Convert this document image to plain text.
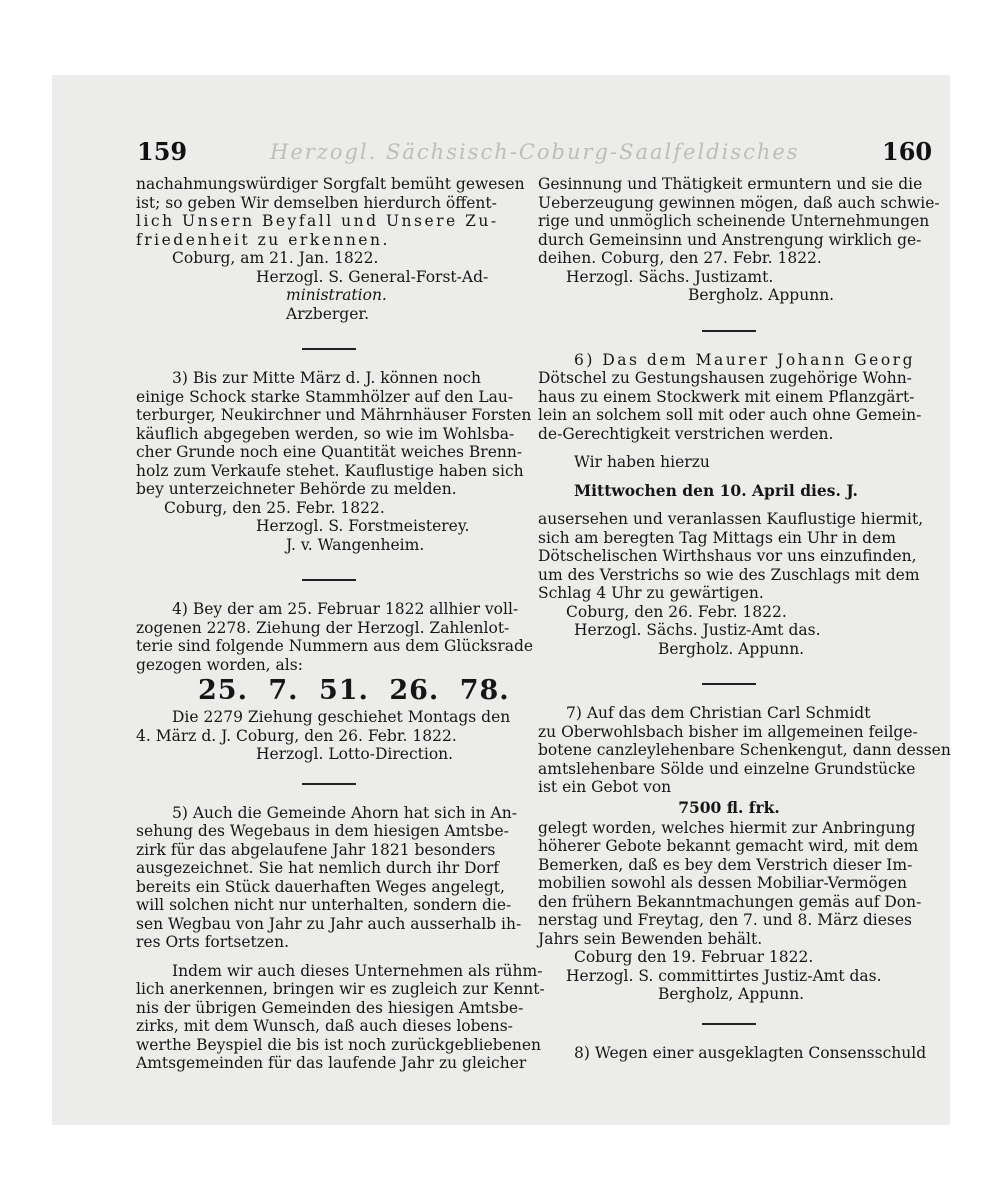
Herzogl. Sächsisch-Coburg-Saalfeldisches
159	160
nachahmungswürdiger Sorgfalt bemüht gewesen
ist; so geben Wir demselben hierdurch öffent-
lich Unsern Beyfall und Unsere Zu-
friedenheit zu erkennen.
Coburg, am 21. Jan. 1822.
Herzogl. S. General-Forst-Ad-
ministration.
Arzberger.
3) Bis zur Mitte März d. J. können noch
einige Schock starke Stammhölzer auf den Lau-
terburger, Neukirchner und Mährnhäuser Forsten
käuflich abgegeben werden, so wie im Wohlsba-
cher Grunde noch eine Quantität weiches Brenn-
holz zum Verkaufe stehet. Kauflustige haben sich
bey unterzeichneter Behörde zu melden.
Coburg, den 25. Febr. 1822.
Herzogl. S. Forstmeisterey.
J. v. Wangenheim.
4) Bey der am 25. Februar 1822 allhier voll-
zogenen 2278. Ziehung der Herzogl. Zahlenlot-
terie sind folgende Nummern aus dem Glücksrade
gezogen worden, als:
25. 7. 51. 26. 78.
Die 2279 Ziehung geschiehet Montags den
4. März d. J. Coburg, den 26. Febr. 1822.
Herzogl. Lotto-Direction.
5) Auch die Gemeinde Ahorn hat sich in An-
sehung des Wegebaus in dem hiesigen Amtsbe-
zirk für das abgelaufene Jahr 1821 besonders
ausgezeichnet. Sie hat nemlich durch ihr Dorf
bereits ein Stück dauerhaften Weges angelegt,
will solchen nicht nur unterhalten, sondern die-
sen Wegbau von Jahr zu Jahr auch ausserhalb ih-
res Orts fortsetzen.
Indem wir auch dieses Unternehmen als rühm-
lich anerkennen, bringen wir es zugleich zur Kennt-
nis der übrigen Gemeinden des hiesigen Amtsbe-
zirks, mit dem Wunsch, daß auch dieses lobens-
werthe Beyspiel die bis ist noch zurückgebliebenen
Amtsgemeinden für das laufende Jahr zu gleicher
Gesinnung und Thätigkeit ermuntern und sie die
Ueberzeugung gewinnen mögen, daß auch schwie-
rige und unmöglich scheinende Unternehmungen
durch Gemeinsinn und Anstrengung wirklich ge-
deihen. Coburg, den 27. Febr. 1822.
Herzogl. Sächs. Justizamt.
Bergholz. Appunn.
6) Das dem Maurer Johann Georg
Dötschel zu Gestungshausen zugehörige Wohn-
haus zu einem Stockwerk mit einem Pflanzgärt-
lein an solchem soll mit oder auch ohne Gemein-
de-Gerechtigkeit verstrichen werden.
Wir haben hierzu
Mittwochen den 10. April dies. J.
ausersehen und veranlassen Kauflustige hiermit,
sich am beregten Tag Mittags ein Uhr in dem
Dötschelischen Wirthshaus vor uns einzufinden,
um des Verstrichs so wie des Zuschlags mit dem
Schlag 4 Uhr zu gewärtigen.
Coburg, den 26. Febr. 1822.
Herzogl. Sächs. Justiz-Amt das.
Bergholz. Appunn.
7) Auf das dem Christian Carl Schmidt
zu Oberwohlsbach bisher im allgemeinen feilge-
botene canzleylehenbare Schenkengut, dann dessen
amtslehenbare Sölde und einzelne Grundstücke
ist ein Gebot von
7500 fl. frk.
gelegt worden, welches hiermit zur Anbringung
höherer Gebote bekannt gemacht wird, mit dem
Bemerken, daß es bey dem Verstrich dieser Im-
mobilien sowohl als dessen Mobiliar-Vermögen
den frühern Bekanntmachungen gemäs auf Don-
nerstag und Freytag, den 7. und 8. März dieses
Jahrs sein Bewenden behält.
Coburg den 19. Februar 1822.
Herzogl. S. committirtes Justiz-Amt das.
Bergholz, Appunn.
8) Wegen einer ausgeklagten Consensschuld
